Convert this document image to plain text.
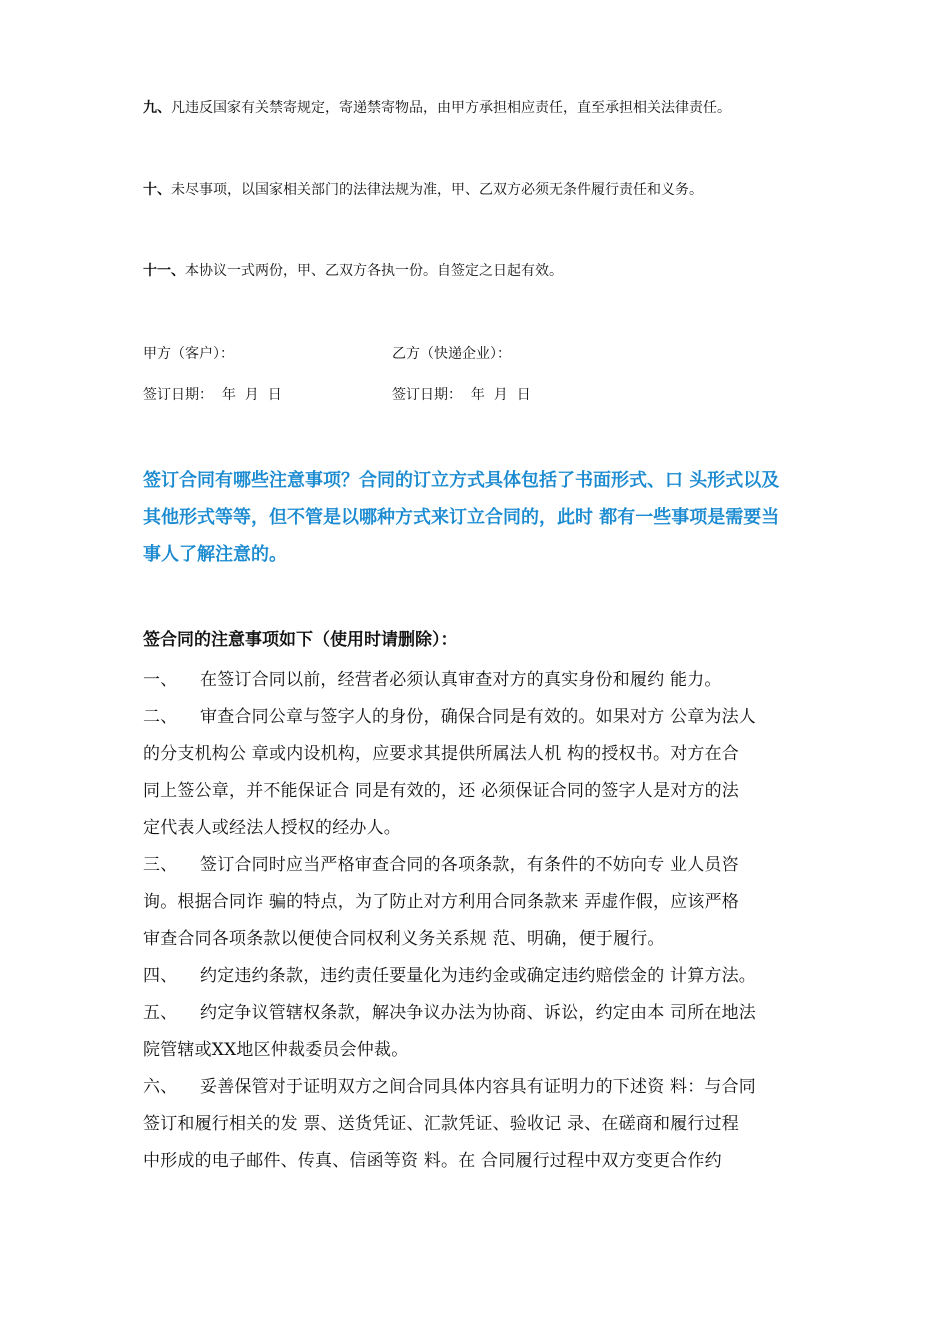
九、凡违反国家有关禁寄规定，寄递禁寄物品，由甲方承担相应责任，直至承担相关法律责任。
十、未尽事项，以国家相关部门的法律法规为准，甲、乙双方必须无条件履行责任和义务。
十一、本协议一式两份，甲、乙双方各执一份。自签定之日起有效。
甲方（客户）：	乙方（快递企业）：
签订日期：  年  月  日	签订日期：  年  月  日
签订合同有哪些注意事项？合同的订立方式具体包括了书面形式、口 头形式以及
其他形式等等，但不管是以哪种方式来订立合同的，此时 都有一些事项是需要当
事人了解注意的。
签合同的注意事项如下（使用时请删除）：
一、 在签订合同以前，经营者必须认真审查对方的真实身份和履约 能力。
二、 审查合同公章与签字人的身份，确保合同是有效的。如果对方 公章为法人
的分支机构公 章或内设机构，应要求其提供所属法人机 构的授权书。对方在合
同上签公章，并不能保证合 同是有效的，还 必须保证合同的签字人是对方的法
定代表人或经法人授权的经办人。
三、 签订合同时应当严格审查合同的各项条款，有条件的不妨向专 业人员咨
询。根据合同诈 骗的特点，为了防止对方利用合同条款来 弄虚作假，应该严格
审查合同各项条款以便使合同权利义务关系规 范、明确，便于履行。
四、 约定违约条款，违约责任要量化为违约金或确定违约赔偿金的 计算方法。
五、 约定争议管辖权条款，解决争议办法为协商、诉讼，约定由本 司所在地法
院管辖或XX地区仲裁委员会仲裁。
六、 妥善保管对于证明双方之间合同具体内容具有证明力的下述资 料：与合同
签订和履行相关的发 票、送货凭证、汇款凭证、验收记 录、在磋商和履行过程
中形成的电子邮件、传真、信函等资 料。在 合同履行过程中双方变更合作约
